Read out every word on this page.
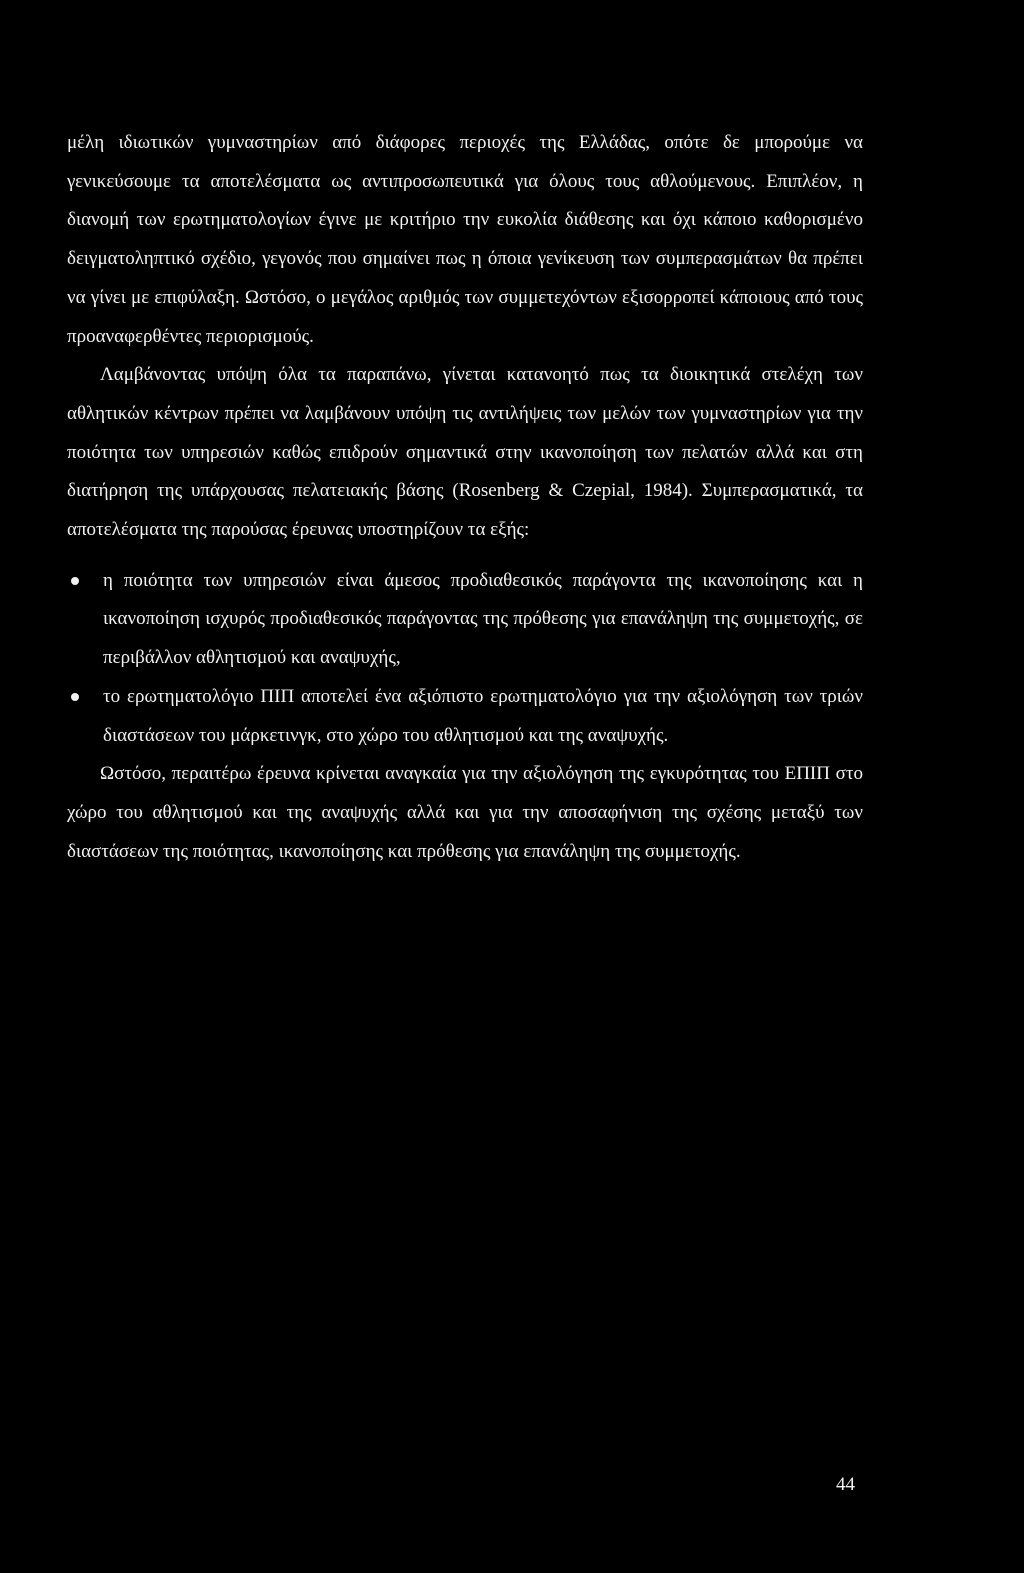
μέλη ιδιωτικών γυμναστηρίων από διάφορες περιοχές της Ελλάδας, οπότε δε μπορούμε να γενικεύσουμε τα αποτελέσματα ως αντιπροσωπευτικά για όλους τους αθλούμενους. Επιπλέον, η διανομή των ερωτηματολογίων έγινε με κριτήριο την ευκολία διάθεσης και όχι κάποιο καθορισμένο δειγματοληπτικό σχέδιο, γεγονός που σημαίνει πως η όποια γενίκευση των συμπερασμάτων θα πρέπει να γίνει με επιφύλαξη. Ωστόσο, ο μεγάλος αριθμός των συμμετεχόντων εξισορροπεί κάποιους από τους προαναφερθέντες περιορισμούς.

Λαμβάνοντας υπόψη όλα τα παραπάνω, γίνεται κατανοητό πως τα διοικητικά στελέχη των αθλητικών κέντρων πρέπει να λαμβάνουν υπόψη τις αντιλήψεις των μελών των γυμναστηρίων για την ποιότητα των υπηρεσιών καθώς επιδρούν σημαντικά στην ικανοποίηση των πελατών αλλά και στη διατήρηση της υπάρχουσας πελατειακής βάσης (Rosenberg & Czepial, 1984). Συμπερασματικά, τα αποτελέσματα της παρούσας έρευνας υποστηρίζουν τα εξής:

η ποιότητα των υπηρεσιών είναι άμεσος προδιαθεσικός παράγοντα της ικανοποίησης και η ικανοποίηση ισχυρός προδιαθεσικός παράγοντας της πρόθεσης για επανάληψη της συμμετοχής, σε περιβάλλον αθλητισμού και αναψυχής,
το ερωτηματολόγιο ΠΙΠ αποτελεί ένα αξιόπιστο ερωτηματολόγιο για την αξιολόγηση των τριών διαστάσεων του μάρκετινγκ, στο χώρο του αθλητισμού και της αναψυχής.

Ωστόσο, περαιτέρω έρευνα κρίνεται αναγκαία για την αξιολόγηση της εγκυρότητας του ΕΠΙΠ στο χώρο του αθλητισμού και της αναψυχής αλλά και για την αποσαφήνιση της σχέσης μεταξύ των διαστάσεων της ποιότητας, ικανοποίησης και πρόθεσης για επανάληψη της συμμετοχής.

44
